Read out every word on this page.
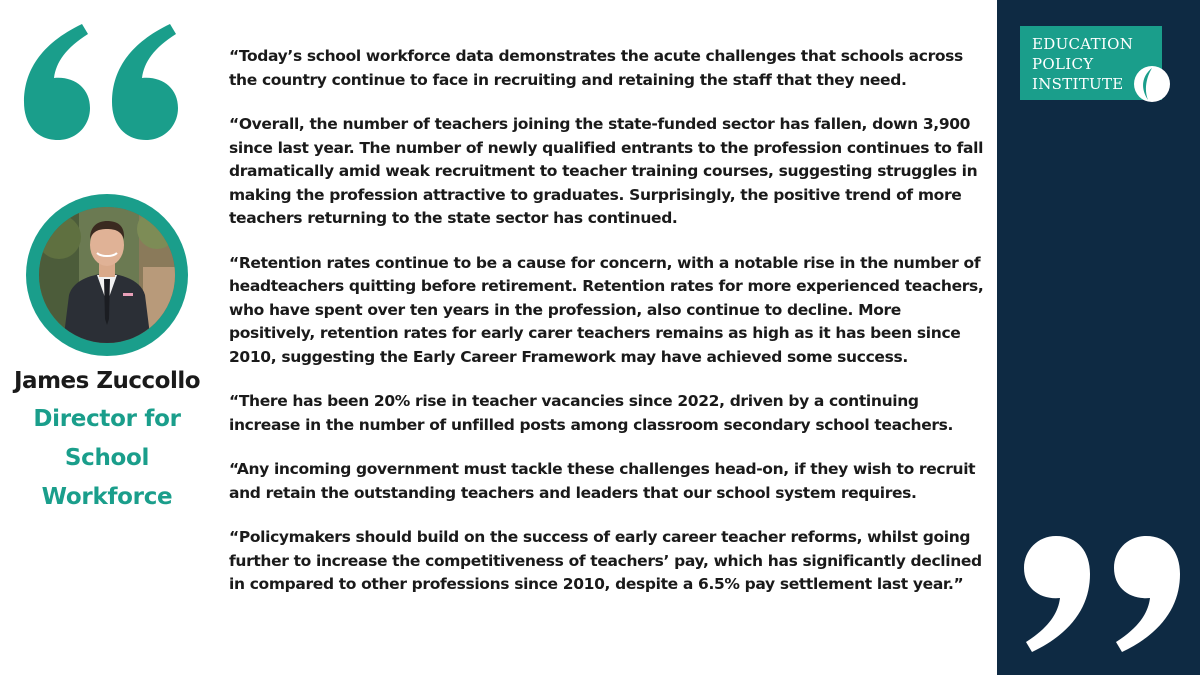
James Zuccollo
Director for
School
Workforce

“Today’s school workforce data demonstrates the acute challenges that schools across the country continue to face in recruiting and retaining the staff that they need.

“Overall, the number of teachers joining the state-funded sector has fallen, down 3,900 since last year. The number of newly qualified entrants to the profession continues to fall dramatically amid weak recruitment to teacher training courses, suggesting struggles in making the profession attractive to graduates. Surprisingly, the positive trend of more teachers returning to the state sector has continued.

“Retention rates continue to be a cause for concern, with a notable rise in the number of headteachers quitting before retirement. Retention rates for more experienced teachers, who have spent over ten years in the profession, also continue to decline. More positively, retention rates for early carer teachers remains as high as it has been since 2010, suggesting the Early Career Framework may have achieved some success.

“There has been 20% rise in teacher vacancies since 2022, driven by a continuing increase in the number of unfilled posts among classroom secondary school teachers.

“Any incoming government must tackle these challenges head-on, if they wish to recruit and retain the outstanding teachers and leaders that our school system requires.

“Policymakers should build on the success of early career teacher reforms, whilst going further to increase the competitiveness of teachers’ pay, which has significantly declined in compared to other professions since 2010, despite a 6.5% pay settlement last year.”

EDUCATION
POLICY
INSTITUTE
